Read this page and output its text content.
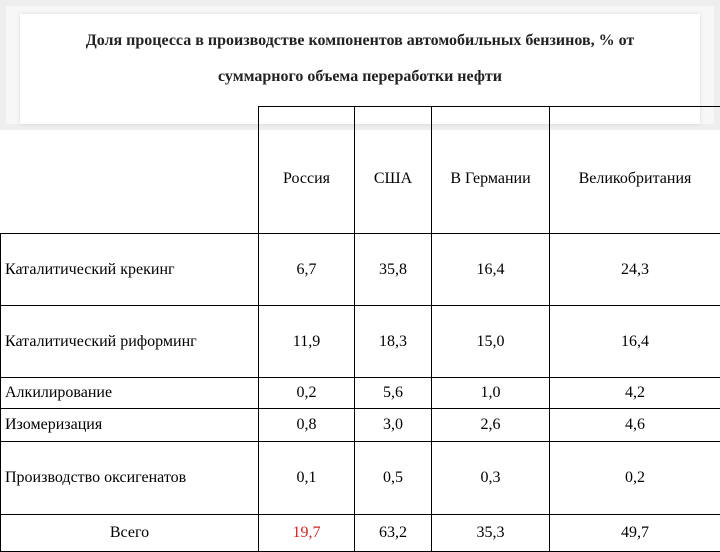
Доля процесса в производстве компонентов автомобильных бензинов, % от
суммарного объема переработки нефти
	Россия	США	В Германии	Великобритания
Каталитический крекинг	6,7	35,8	16,4	24,3
Каталитический риформинг	11,9	18,3	15,0	16,4
Алкилирование	0,2	5,6	1,0	4,2
Изомеризация	0,8	3,0	2,6	4,6
Производство оксигенатов	0,1	0,5	0,3	0,2
Всего	19,7	63,2	35,3	49,7
